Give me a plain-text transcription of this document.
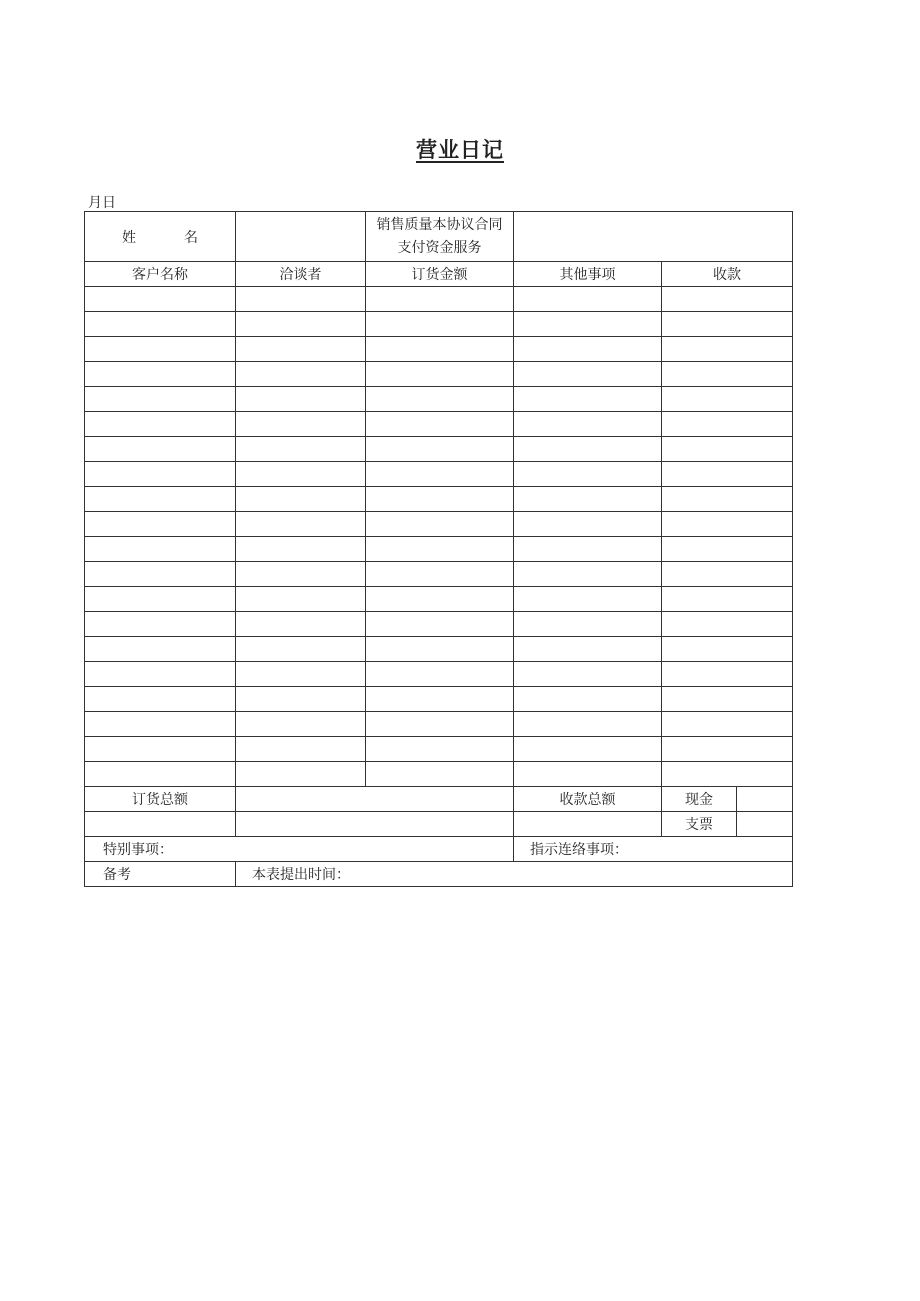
营业日记
月日
姓 名		销售质量本协议合同
支付资金服务			
客户名称	洽谈者	订货金额	其他事项	收款	

订货总额			收款总额	现金	
				支票	
特别事项：			指示连络事项：		
备考	本表提出时间：				
